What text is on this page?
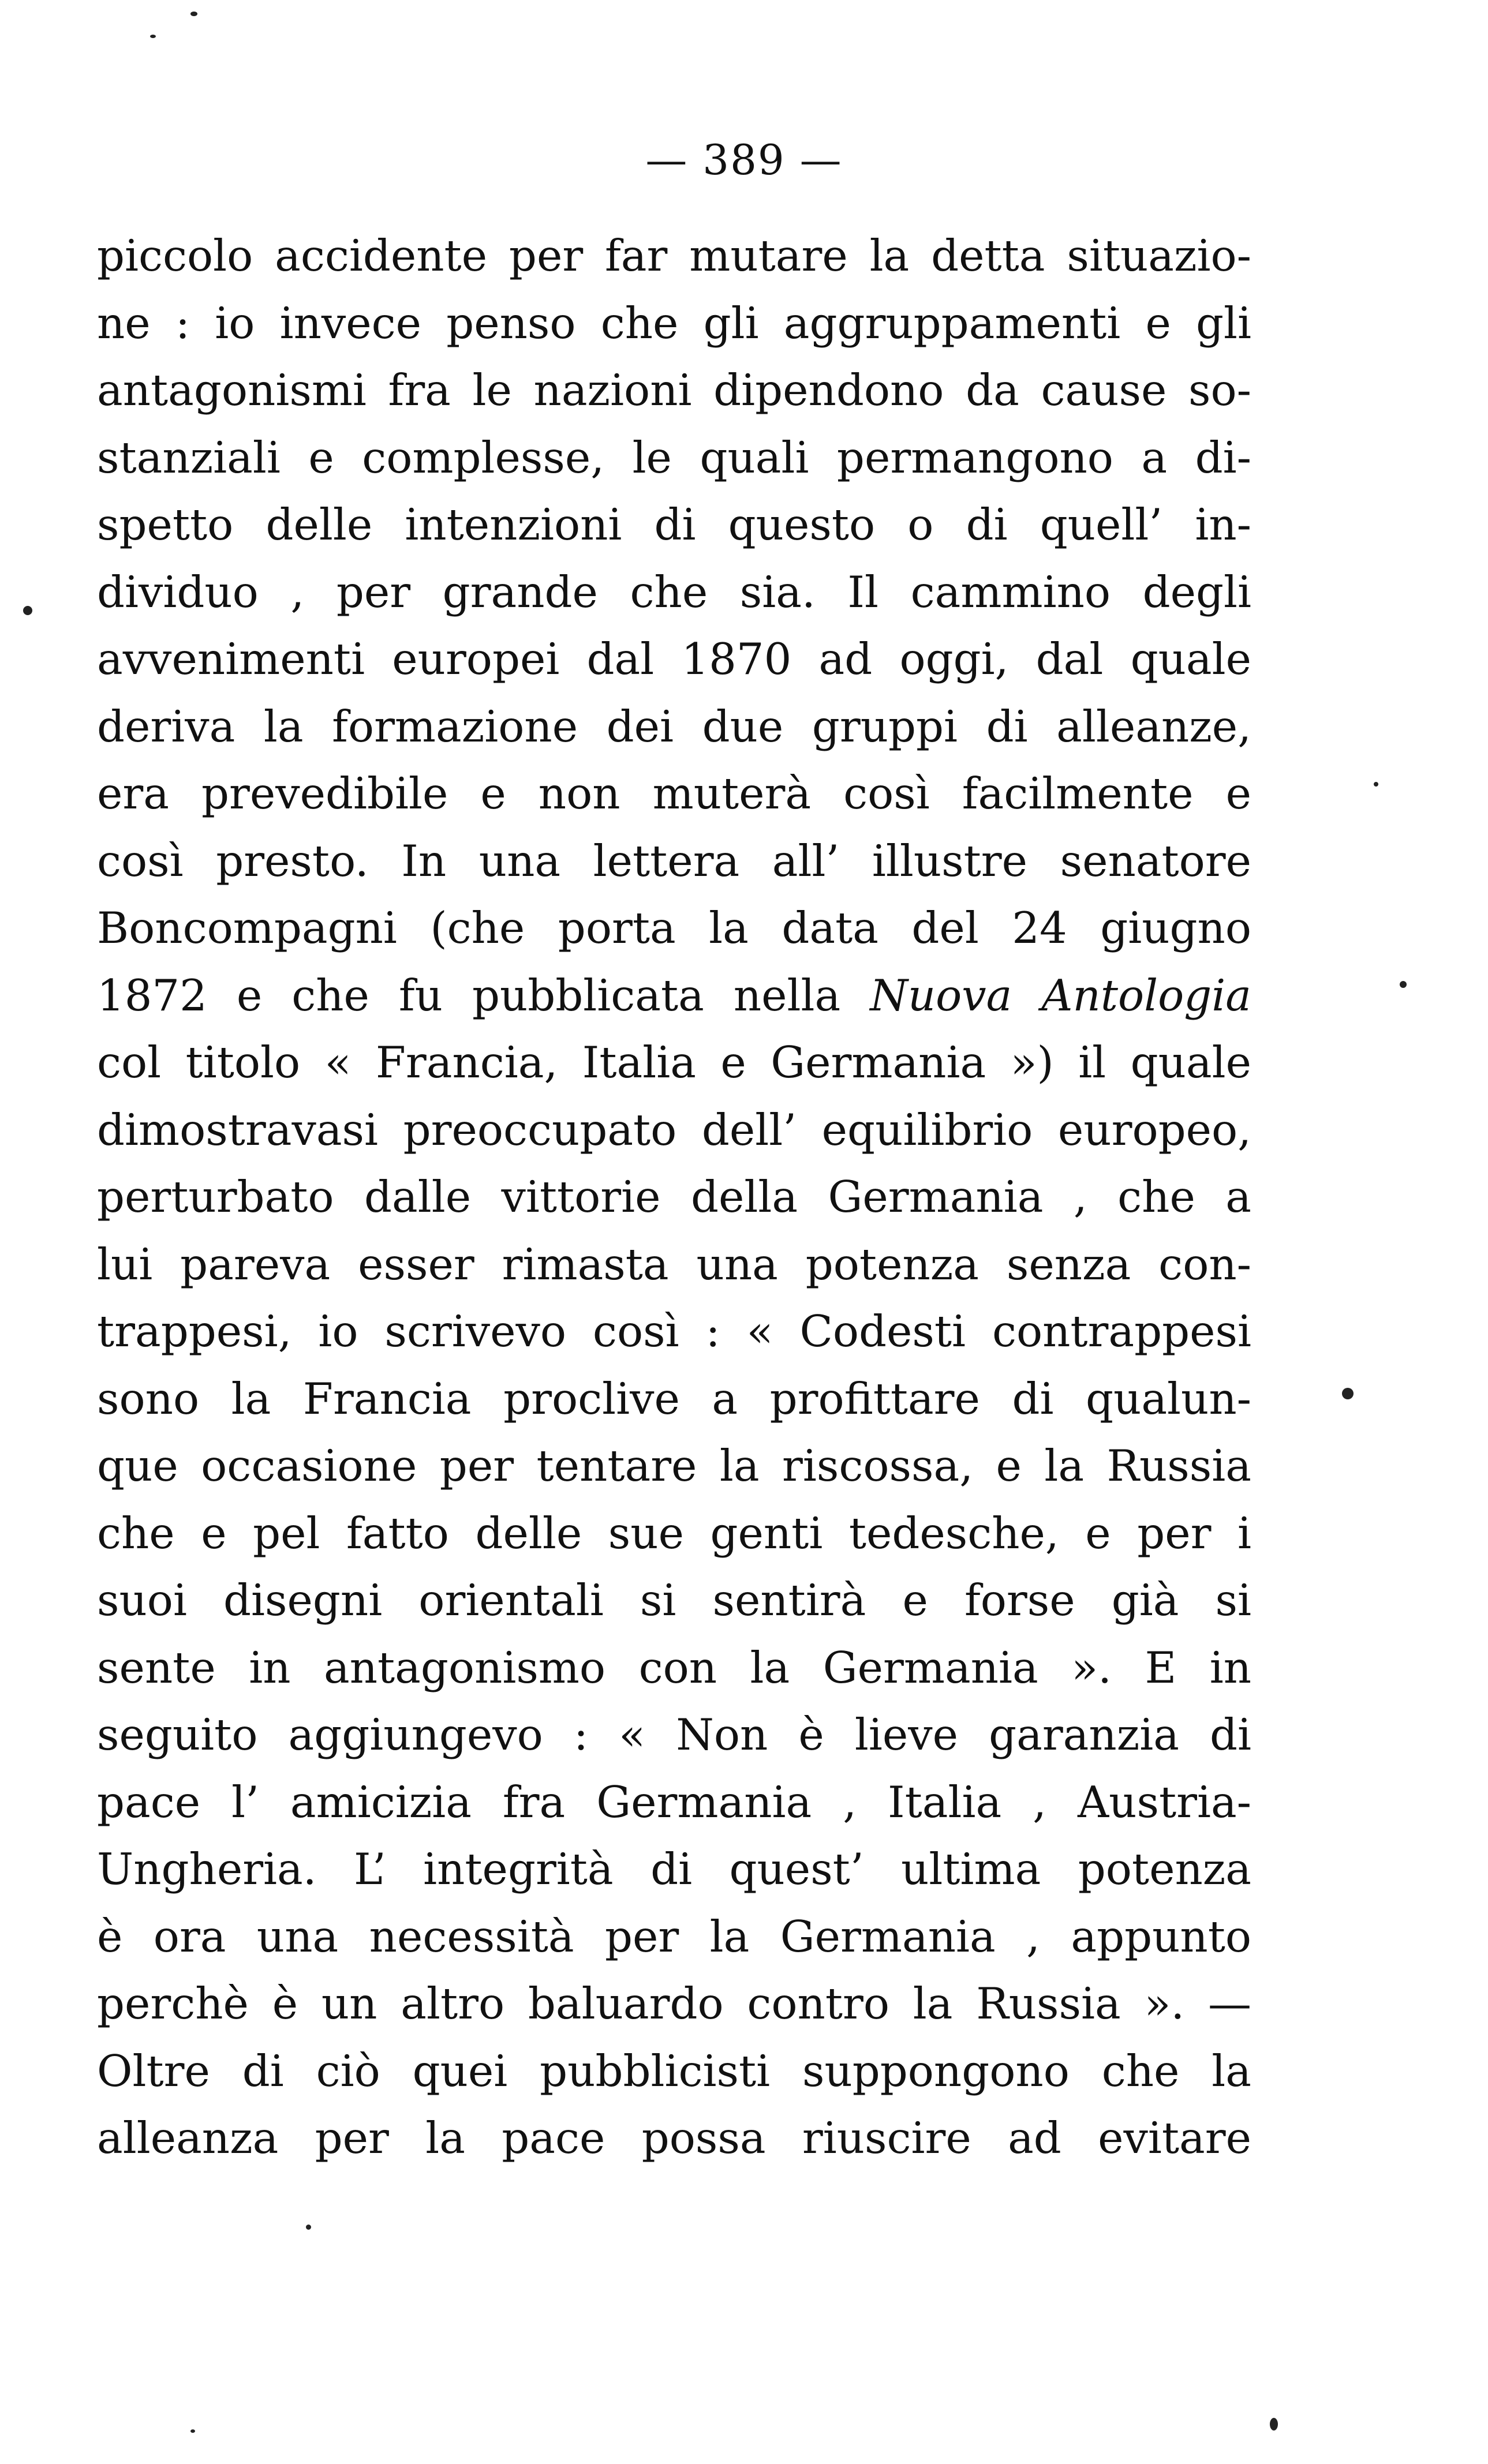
— 389 —
piccolo accidente per far mutare la detta situazio-
ne : io invece penso che gli aggruppamenti e gli
antagonismi fra le nazioni dipendono da cause so-
stanziali e complesse, le quali permangono a di-
spetto delle intenzioni di questo o di quell’ in-
dividuo , per grande che sia. Il cammino degli
avvenimenti europei dal 1870 ad oggi, dal quale
deriva la formazione dei due gruppi di alleanze,
era prevedibile e non muterà così facilmente e
così presto. In una lettera all’ illustre senatore
Boncompagni (che porta la data del 24 giugno
1872 e che fu pubblicata nella Nuova Antologia
col titolo « Francia, Italia e Germania ») il quale
dimostravasi preoccupato dell’ equilibrio europeo,
perturbato dalle vittorie della Germania , che a
lui pareva esser rimasta una potenza senza con-
trappesi, io scrivevo così : « Codesti contrappesi
sono la Francia proclive a profittare di qualun-
que occasione per tentare la riscossa, e la Russia
che e pel fatto delle sue genti tedesche, e per i
suoi disegni orientali si sentirà e forse già si
sente in antagonismo con la Germania ». E in
seguito aggiungevo : « Non è lieve garanzia di
pace l’ amicizia fra Germania , Italia , Austria-
Ungheria. L’ integrità di quest’ ultima potenza
è ora una necessità per la Germania , appunto
perchè è un altro baluardo contro la Russia ». —
Oltre di ciò quei pubblicisti suppongono che la
alleanza per la pace possa riuscire ad evitare
